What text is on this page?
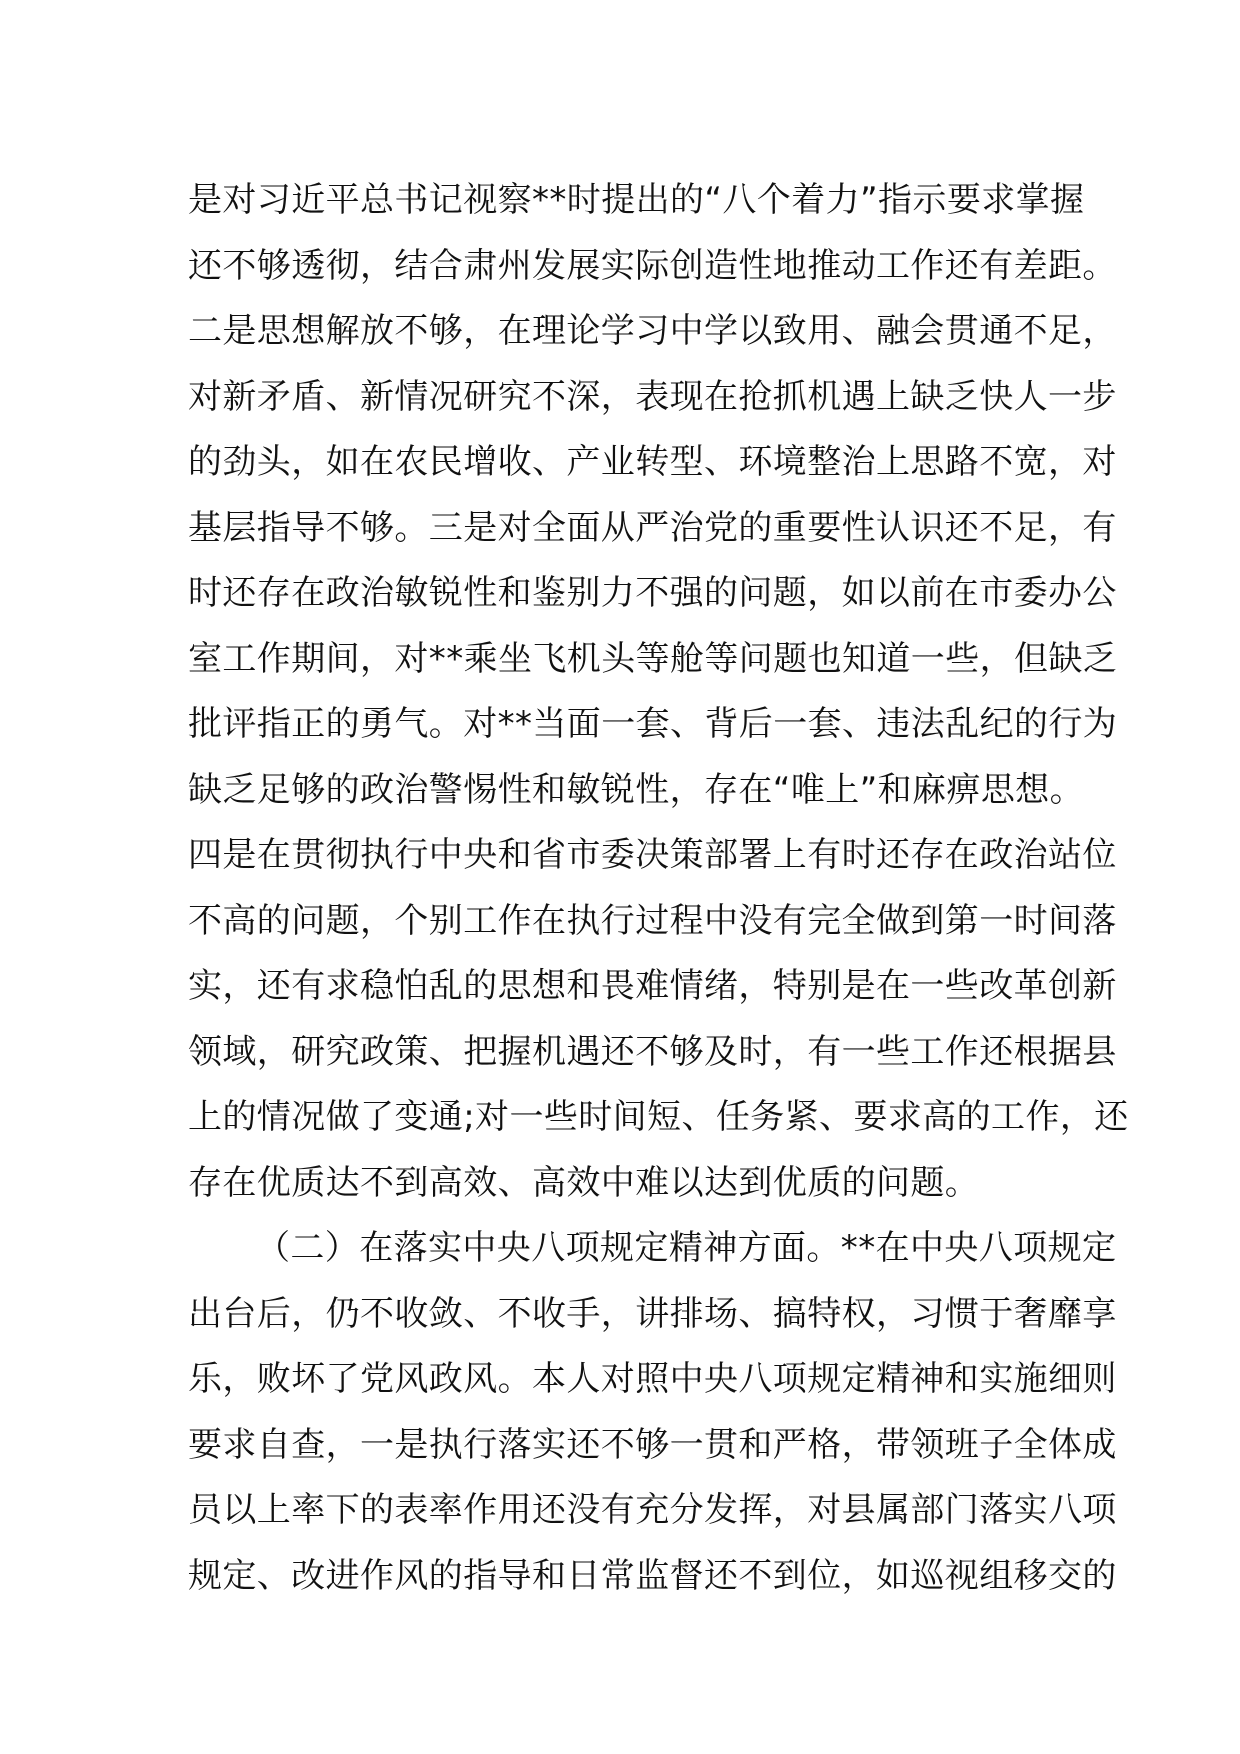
是对习近平总书记视察**时提出的“八个着力”指示要求掌握
还不够透彻，结合肃州发展实际创造性地推动工作还有差距。
二是思想解放不够，在理论学习中学以致用、融会贯通不足，
对新矛盾、新情况研究不深，表现在抢抓机遇上缺乏快人一步
的劲头，如在农民增收、产业转型、环境整治上思路不宽，对
基层指导不够。三是对全面从严治党的重要性认识还不足，有
时还存在政治敏锐性和鉴别力不强的问题，如以前在市委办公
室工作期间，对**乘坐飞机头等舱等问题也知道一些，但缺乏
批评指正的勇气。对**当面一套、背后一套、违法乱纪的行为
缺乏足够的政治警惕性和敏锐性，存在“唯上”和麻痹思想。
四是在贯彻执行中央和省市委决策部署上有时还存在政治站位
不高的问题，个别工作在执行过程中没有完全做到第一时间落
实，还有求稳怕乱的思想和畏难情绪，特别是在一些改革创新
领域，研究政策、把握机遇还不够及时，有一些工作还根据县
上的情况做了变通;对一些时间短、任务紧、要求高的工作，还
存在优质达不到高效、高效中难以达到优质的问题。
（二）在落实中央八项规定精神方面。**在中央八项规定
出台后，仍不收敛、不收手，讲排场、搞特权，习惯于奢靡享
乐，败坏了党风政风。本人对照中央八项规定精神和实施细则
要求自查，一是执行落实还不够一贯和严格，带领班子全体成
员以上率下的表率作用还没有充分发挥，对县属部门落实八项
规定、改进作风的指导和日常监督还不到位，如巡视组移交的
